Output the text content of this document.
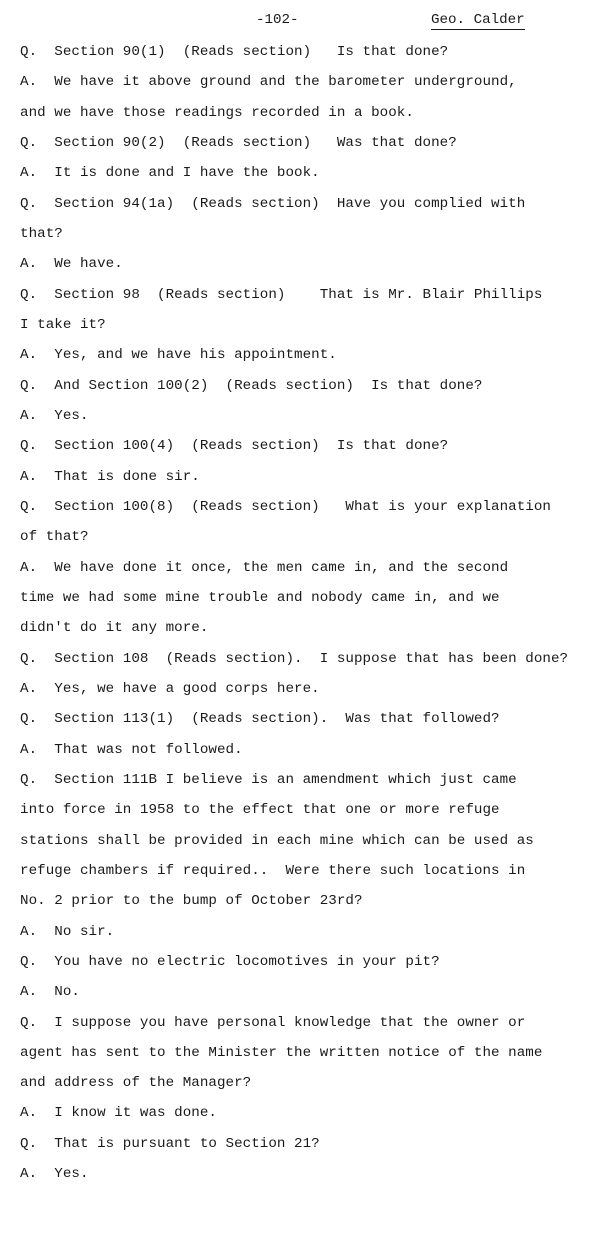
-102-	Geo. Calder
Q.  Section 90(1)  (Reads section)   Is that done?
A.  We have it above ground and the barometer underground,
and we have those readings recorded in a book.
Q.  Section 90(2)  (Reads section)   Was that done?
A.  It is done and I have the book.
Q.  Section 94(1a)  (Reads section)  Have you complied with
that?
A.  We have.
Q.  Section 98  (Reads section)    That is Mr. Blair Phillips
I take it?
A.  Yes, and we have his appointment.
Q.  And Section 100(2)  (Reads section)  Is that done?
A.  Yes.
Q.  Section 100(4)  (Reads section)  Is that done?
A.  That is done sir.
Q.  Section 100(8)  (Reads section)   What is your explanation
of that?
A.  We have done it once, the men came in, and the second
time we had some mine trouble and nobody came in, and we
didn't do it any more.
Q.  Section 108  (Reads section).  I suppose that has been done?
A.  Yes, we have a good corps here.
Q.  Section 113(1)  (Reads section).  Was that followed?
A.  That was not followed.
Q.  Section 111B I believe is an amendment which just came
into force in 1958 to the effect that one or more refuge
stations shall be provided in each mine which can be used as
refuge chambers if required..  Were there such locations in
No. 2 prior to the bump of October 23rd?
A.  No sir.
Q.  You have no electric locomotives in your pit?
A.  No.
Q.  I suppose you have personal knowledge that the owner or
agent has sent to the Minister the written notice of the name
and address of the Manager?
A.  I know it was done.
Q.  That is pursuant to Section 21?
A.  Yes.
